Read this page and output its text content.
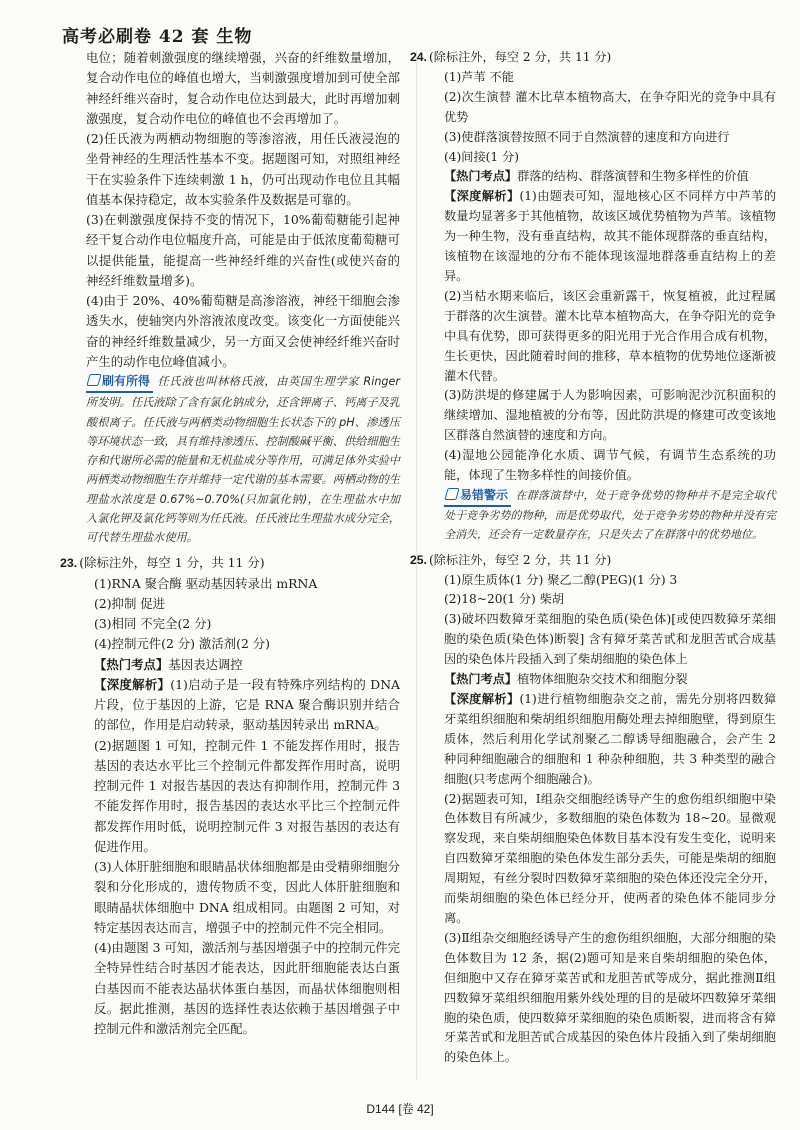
高考必刷卷 42 套 生物

电位；随着刺激强度的继续增强，兴奋的纤维数量增加，复合动作电位的峰值也增大，当刺激强度增加到可使全部神经纤维兴奋时，复合动作电位达到最大，此时再增加刺激强度，复合动作电位的峰值也不会再增加了。

(2)任氏液为两栖动物细胞的等渗溶液，用任氏液浸泡的坐骨神经的生理活性基本不变。据题图可知，对照组神经干在实验条件下连续刺激 1 h，仍可出现动作电位且其幅值基本保持稳定，故本实验条件及数据是可靠的。

(3)在刺激强度保持不变的情况下，10%葡萄糖能引起神经干复合动作电位幅度升高，可能是由于低浓度葡萄糖可以提供能量，能提高一些神经纤维的兴奋性(或使兴奋的神经纤维数量增多)。

(4)由于 20%、40%葡萄糖是高渗溶液，神经干细胞会渗透失水，使轴突内外溶液浓度改变。该变化一方面使能兴奋的神经纤维数量减少，另一方面又会使神经纤维兴奋时产生的动作电位峰值减小。

刷有所得 任氏液也叫林格氏液，由英国生理学家 Ringer 所发明。任氏液除了含有氯化钠成分，还含钾离子、钙离子及乳酸根离子。任氏液与两栖类动物细胞生长状态下的 pH、渗透压等环境状态一致，具有维持渗透压、控制酸碱平衡、供给细胞生存和代谢所必需的能量和无机盐成分等作用，可满足体外实验中两栖类动物细胞生存并维持一定代谢的基本需要。两栖动物的生理盐水浓度是 0.67%~0.70%(只加氯化钠)，在生理盐水中加入氯化钾及氯化钙等则为任氏液。任氏液比生理盐水成分完全，可代替生理盐水使用。

23. (除标注外，每空 1 分，共 11 分)

(1)RNA 聚合酶 驱动基因转录出 mRNA

(2)抑制 促进

(3)相同 不完全(2 分)

(4)控制元件(2 分) 激活剂(2 分)

【热门考点】基因表达调控

【深度解析】(1)启动子是一段有特殊序列结构的 DNA 片段，位于基因的上游，它是 RNA 聚合酶识别并结合的部位，作用是启动转录，驱动基因转录出 mRNA。

(2)据题图 1 可知，控制元件 1 不能发挥作用时，报告基因的表达水平比三个控制元件都发挥作用时高，说明控制元件 1 对报告基因的表达有抑制作用，控制元件 3 不能发挥作用时，报告基因的表达水平比三个控制元件都发挥作用时低，说明控制元件 3 对报告基因的表达有促进作用。

(3)人体肝脏细胞和眼睛晶状体细胞都是由受精卵细胞分裂和分化形成的，遗传物质不变，因此人体肝脏细胞和眼睛晶状体细胞中 DNA 组成相同。由题图 2 可知，对特定基因表达而言，增强子中的控制元件不完全相同。

(4)由题图 3 可知，激活剂与基因增强子中的控制元件完全特异性结合时基因才能表达，因此肝细胞能表达白蛋白基因而不能表达晶状体蛋白基因，而晶状体细胞则相反。据此推测，基因的选择性表达依赖于基因增强子中控制元件和激活剂完全匹配。

24. (除标注外，每空 2 分，共 11 分)

(1)芦苇 不能

(2)次生演替 灌木比草本植物高大，在争夺阳光的竞争中具有优势

(3)使群落演替按照不同于自然演替的速度和方向进行

(4)间接(1 分)

【热门考点】群落的结构、群落演替和生物多样性的价值

【深度解析】(1)由题表可知，湿地核心区不同样方中芦苇的数量均显著多于其他植物，故该区域优势植物为芦苇。该植物为一种生物，没有垂直结构，故其不能体现群落的垂直结构，该植物在该湿地的分布不能体现该湿地群落垂直结构上的差异。

(2)当枯水期来临后，该区会重新露干，恢复植被，此过程属于群落的次生演替。灌木比草本植物高大，在争夺阳光的竞争中具有优势，即可获得更多的阳光用于光合作用合成有机物，生长更快，因此随着时间的推移，草本植物的优势地位逐渐被灌木代替。

(3)防洪堤的修建属于人为影响因素，可影响泥沙沉积面积的继续增加、湿地植被的分布等，因此防洪堤的修建可改变该地区群落自然演替的速度和方向。

(4)湿地公园能净化水质、调节气候，有调节生态系统的功能，体现了生物多样性的间接价值。

易错警示 在群落演替中，处于竞争优势的物种并不是完全取代处于竞争劣势的物种，而是优势取代，处于竞争劣势的物种并没有完全消失，还会有一定数量存在，只是失去了在群落中的优势地位。

25. (除标注外，每空 2 分，共 11 分)

(1)原生质体(1 分) 聚乙二醇(PEG)(1 分) 3

(2)18~20(1 分) 柴胡

(3)破坏四数獐牙菜细胞的染色质(染色体)[或使四数獐牙菜细胞的染色质(染色体)断裂] 含有獐牙菜苦甙和龙胆苦甙合成基因的染色体片段插入到了柴胡细胞的染色体上

【热门考点】植物体细胞杂交技术和细胞分裂

【深度解析】(1)进行植物细胞杂交之前，需先分别将四数獐牙菜组织细胞和柴胡组织细胞用酶处理去掉细胞壁，得到原生质体，然后利用化学试剂聚乙二醇诱导细胞融合，会产生 2 种同种细胞融合的细胞和 1 种杂种细胞，共 3 种类型的融合细胞(只考虑两个细胞融合)。

(2)据题表可知，Ⅰ组杂交细胞经诱导产生的愈伤组织细胞中染色体数目有所减少，多数细胞的染色体数为 18~20。显微观察发现，来自柴胡细胞染色体数目基本没有发生变化，说明来自四数獐牙菜细胞的染色体发生部分丢失，可能是柴胡的细胞周期短，有丝分裂时四数獐牙菜细胞的染色体还没完全分开，而柴胡细胞的染色体已经分开，使两者的染色体不能同步分离。

(3)Ⅱ组杂交细胞经诱导产生的愈伤组织细胞，大部分细胞的染色体数目为 12 条，据(2)题可知是来自柴胡细胞的染色体，但细胞中又存在獐牙菜苦甙和龙胆苦甙等成分，据此推测Ⅱ组四数獐牙菜组织细胞用紫外线处理的目的是破坏四数獐牙菜细胞的染色质，使四数獐牙菜细胞的染色质断裂，进而将含有獐牙菜苦甙和龙胆苦甙合成基因的染色体片段插入到了柴胡细胞的染色体上。

D144 [卷 42]
